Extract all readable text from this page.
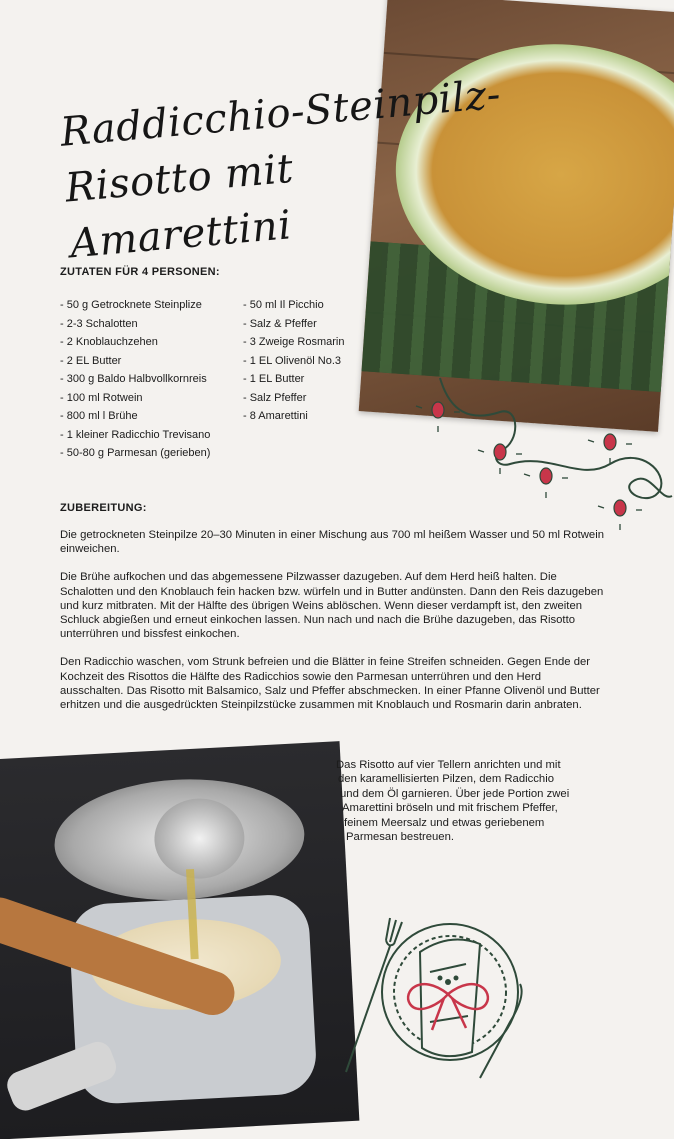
Raddicchio-Steinpilz-
Risotto mit Amarettini
ZUTATEN FÜR 4 PERSONEN:
- 50 g Getrocknete Steinplize
- 2-3 Schalotten
- 2 Knoblauchzehen
- 2 EL Butter
- 300 g Baldo Halbvollkornreis
- 100 ml Rotwein
- 800 ml l Brühe
- 1 kleiner Radicchio Trevisano
- 50-80 g Parmesan (gerieben)
- 50 ml Il Picchio
- Salz & Pfeffer
- 3 Zweige Rosmarin
- 1 EL Olivenöl No.3
- 1 EL Butter
- Salz Pfeffer
- 8 Amarettini
ZUBEREITUNG:

Die getrockneten Steinpilze 20–30 Minuten in einer Mischung aus 700 ml heißem Wasser und 50 ml Rotwein einweichen.

Die Brühe aufkochen und das abgemessene Pilzwasser dazugeben. Auf dem Herd heiß halten. Die Schalotten und den Knoblauch fein hacken bzw. würfeln und in Butter andünsten. Dann den Reis dazugeben und kurz mitbraten. Mit der Hälfte des übrigen Weins ablöschen. Wenn dieser verdampft ist, den zweiten Schluck abgießen und erneut einkochen lassen. Nun nach und nach die Brühe dazugeben, das Risotto unterrühren und bissfest einkochen.

Den Radicchio waschen, vom Strunk befreien und die Blätter in feine Streifen schneiden. Gegen Ende der Kochzeit des Risottos die Hälfte des Radicchios sowie den Parmesan unterrühren und den Herd ausschalten. Das Risotto mit Balsamico, Salz und Pfeffer abschmecken. In einer Pfanne Olivenöl und Butter erhitzen und die ausgedrückten Steinpilzstücke zusammen mit Knoblauch und Rosmarin darin anbraten.

Das Risotto auf vier Tellern anrichten und mit
den karamellisierten Pilzen, dem Radicchio
und dem Öl garnieren. Über jede Portion zwei
Amarettini bröseln und mit frischem Pfeffer,
feinem Meersalz und etwas geriebenem
Parmesan bestreuen.
